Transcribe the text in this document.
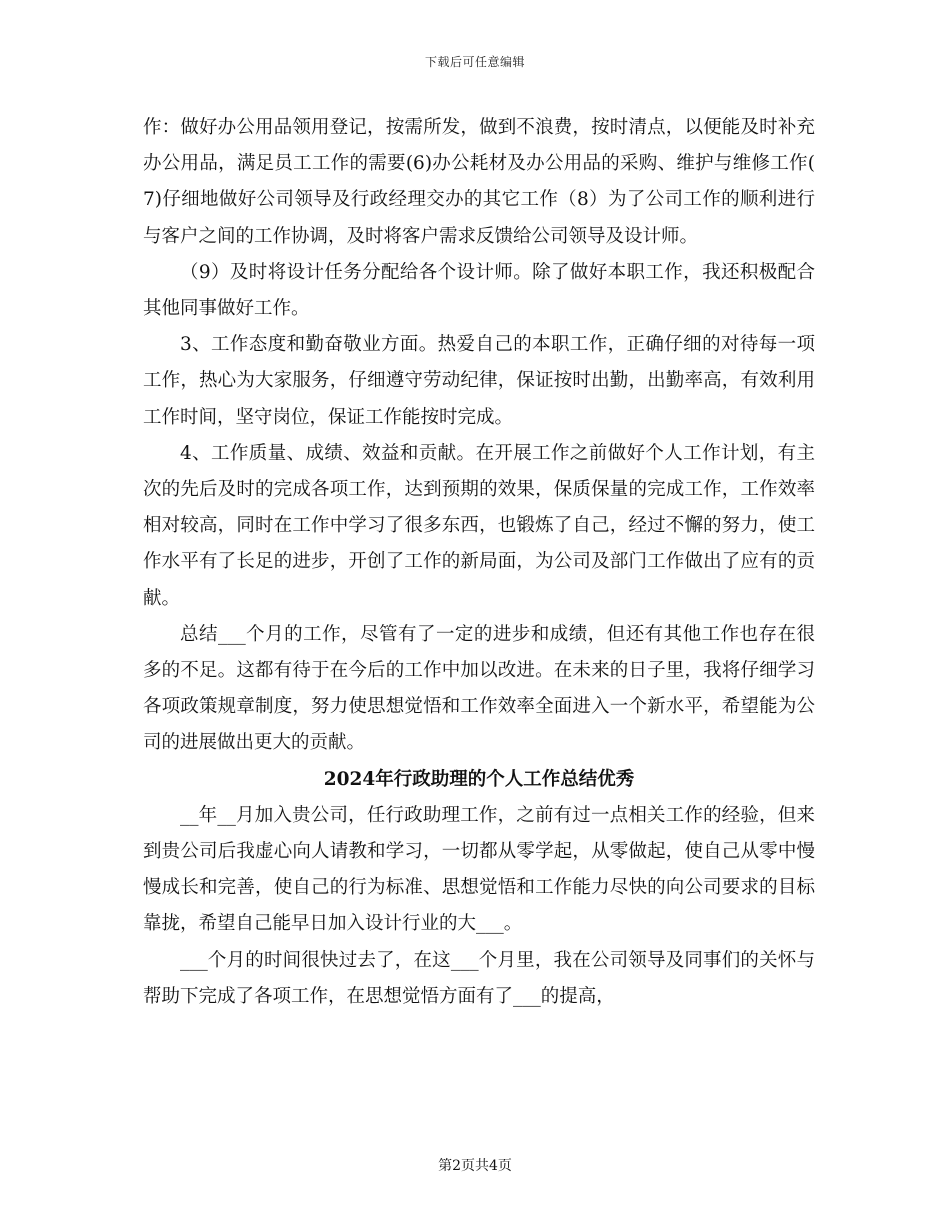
下载后可任意编辑

作：做好办公用品领用登记，按需所发，做到不浪费，按时清点，以便能及时补充办公用品，满足员工工作的需要(6)办公耗材及办公用品的采购、维护与维修工作(7)仔细地做好公司领导及行政经理交办的其它工作（8）为了公司工作的顺利进行与客户之间的工作协调，及时将客户需求反馈给公司领导及设计师。

（9）及时将设计任务分配给各个设计师。除了做好本职工作，我还积极配合其他同事做好工作。

3、工作态度和勤奋敬业方面。热爱自己的本职工作，正确仔细的对待每一项工作，热心为大家服务，仔细遵守劳动纪律，保证按时出勤，出勤率高，有效利用工作时间，坚守岗位，保证工作能按时完成。

4、工作质量、成绩、效益和贡献。在开展工作之前做好个人工作计划，有主次的先后及时的完成各项工作，达到预期的效果，保质保量的完成工作，工作效率相对较高，同时在工作中学习了很多东西，也锻炼了自己，经过不懈的努力，使工作水平有了长足的进步，开创了工作的新局面，为公司及部门工作做出了应有的贡献。

总结___个月的工作，尽管有了一定的进步和成绩，但还有其他工作也存在很多的不足。这都有待于在今后的工作中加以改进。在未来的日子里，我将仔细学习各项政策规章制度，努力使思想觉悟和工作效率全面进入一个新水平，希望能为公司的进展做出更大的贡献。

2024年行政助理的个人工作总结优秀

__年__月加入贵公司，任行政助理工作，之前有过一点相关工作的经验，但来到贵公司后我虚心向人请教和学习，一切都从零学起，从零做起，使自己从零中慢慢成长和完善，使自己的行为标准、思想觉悟和工作能力尽快的向公司要求的目标靠拢，希望自己能早日加入设计行业的大___。

___个月的时间很快过去了，在这___个月里，我在公司领导及同事们的关怀与帮助下完成了各项工作，在思想觉悟方面有了___的提高，

第2页共4页
